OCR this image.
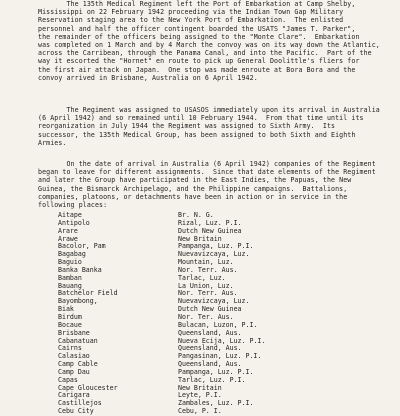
The 135th Medical Regiment left the Port of Embarkation at Camp Shelby,
Mississippi on 22 February 1942 proceeding via the Indian Town Gap Military
Reservation staging area to the New York Port of Embarkation.  The enlisted
personnel and half the officer contingent boarded the USATS "James T. Parker",
the remainder of the officers being assigned to the "Monte Clare".  Embarkation
was completed on 1 March and by 4 March the convoy was on its way down the Atlantic,
across the Carribean, through the Panama Canal, and into the Pacific.  Part of the
way it escorted the "Hornet" en route to pick up General Doolittle's fliers for
the first air attack on Japan.  One stop was made enroute at Bora Bora and the
convoy arrived in Brisbane, Australia on 6 April 1942.
The Regiment was assigned to USASOS immediately upon its arrival in Australia
(6 April 1942) and so remained until 10 February 1944.  From that time until its
reorganization in July 1944 the Regiment was assigned to Sixth Army.  Its
successor, the 135th Medical Group, has been assigned to both Sixth and Eighth
Armies.
On the date of arrival in Australia (6 April 1942) companies of the Regiment
began to leave for different assignments.  Since that date elements of the Regiment
and later the Group have participated in the East Indies, the Papuas, the New
Guinea, the Bismarck Archipelago, and the Philippine campaigns.  Battalions,
companies, platoons, or detachments have been in action or in service in the
following places:
Aitape	Br. N. G.
Antipolo	Rizal, Luz. P.I.
Arare	Dutch New Guinea
Arawe	New Britain
Bacolor, Pam	Pampanga, Luz. P.I.
Bagabag	Nuevavizcaya, Luz.
Baguio	Mountain, Luz.
Banka Banka	Nor. Terr. Aus.
Bamban	Tarlac, Luz.
Bauang	La Union, Luz.
Batchelor Field	Nor. Terr. Aus.
Bayombong,	Nuevavizcaya, Luz.
Biak	Dutch New Guinea
Birdum	Nor. Ter. Aus.
Bocaue	Bulacan, Luzon, P.I.
Brisbane	Queensland, Aus.
Cabanatuan	Nueva Ecija, Luz. P.I.
Cairns	Queensland, Aus.
Calasiao	Pangasinan, Luz. P.I.
Camp Cable	Queensland, Aus.
Camp Dau	Pampanga, Luz. P.I.
Capas	Tarlac, Luz. P.I.
Cape Gloucester	New Britain
Carigara	Leyte, P.I.
Castillejos	Zambales, Luz. P.I.
Cebu City	Cebu, P. I.
